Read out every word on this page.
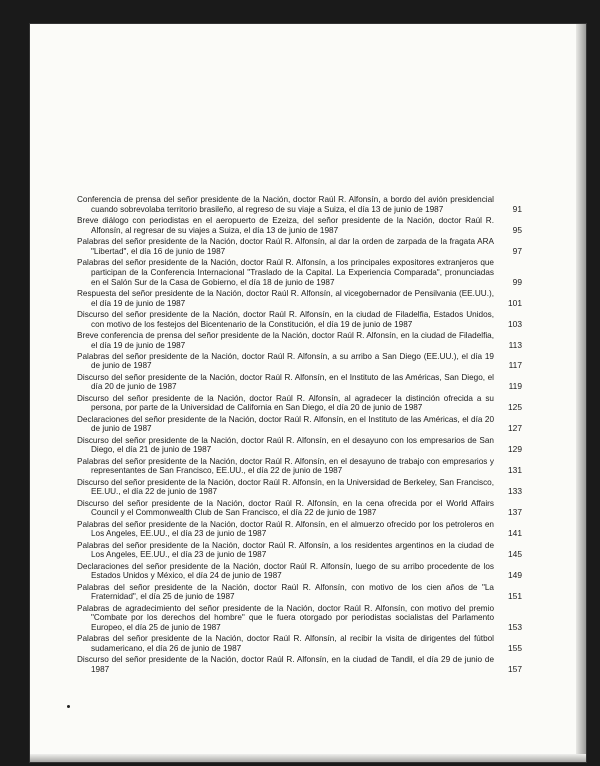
Conferencia de prensa del señor presidente de la Nación, doctor Raúl R. Alfonsín, a bordo del avión presidencial cuando sobrevolaba territorio brasileño, al regreso de su viaje a Suiza, el día 13 de junio de 1987	91
Breve diálogo con periodistas en el aeropuerto de Ezeiza, del señor presidente de la Nación, doctor Raúl R. Alfonsín, al regresar de su viajes a Suiza, el día 13 de junio de 1987	95
Palabras del señor presidente de la Nación, doctor Raúl R. Alfonsín, al dar la orden de zarpada de la fragata ARA "Libertad", el día 16 de junio de 1987	97
Palabras del señor presidente de la Nación, doctor Raúl R. Alfonsín, a los principales expositores extranjeros que participan de la Conferencia Internacional "Traslado de la Capital. La Experiencia Comparada", pronunciadas en el Salón Sur de la Casa de Gobierno, el día 18 de junio de 1987	99
Respuesta del señor presidente de la Nación, doctor Raúl R. Alfonsín, al vicegobernador de Pensilvania (EE.UU.), el día 19 de junio de 1987	101
Discurso del señor presidente de la Nación, doctor Raúl R. Alfonsín, en la ciudad de Filadelfia, Estados Unidos, con motivo de los festejos del Bicentenario de la Constitución, el día 19 de junio de 1987	103
Breve conferencia de prensa del señor presidente de la Nación, doctor Raúl R. Alfonsín, en la ciudad de Filadelfia, el día 19 de junio de 1987	113
Palabras del señor presidente de la Nación, doctor Raúl R. Alfonsín, a su arribo a San Diego (EE.UU.), el día 19 de junio de 1987	117
Discurso del señor presidente de la Nación, doctor Raúl R. Alfonsín, en el Instituto de las Américas, San Diego, el día 20 de junio de 1987	119
Discurso del señor presidente de la Nación, doctor Raúl R. Alfonsín, al agradecer la distinción ofrecida a su persona, por parte de la Universidad de California en San Diego, el día 20 de junio de 1987	125
Declaraciones del señor presidente de la Nación, doctor Raúl R. Alfonsín, en el Instituto de las Américas, el día 20 de junio de 1987	127
Discurso del señor presidente de la Nación, doctor Raúl R. Alfonsín, en el desayuno con los empresarios de San Diego, el día 21 de junio de 1987	129
Palabras del señor presidente de la Nación, doctor Raúl R. Alfonsín, en el desayuno de trabajo con empresarios y representantes de San Francisco, EE.UU., el día 22 de junio de 1987	131
Discurso del señor presidente de la Nación, doctor Raúl R. Alfonsín, en la Universidad de Berkeley, San Francisco, EE.UU., el día 22 de junio de 1987	133
Discurso del señor presidente de la Nación, doctor Raúl R. Alfonsín, en la cena ofrecida por el World Affairs Council y el Commonwealth Club de San Francisco, el día 22 de junio de 1987	137
Palabras del señor presidente de la Nación, doctor Raúl R. Alfonsín, en el almuerzo ofrecido por los petroleros en Los Angeles, EE.UU., el día 23 de junio de 1987	141
Palabras del señor presidente de la Nación, doctor Raúl R. Alfonsín, a los residentes argentinos en la ciudad de Los Angeles, EE.UU., el día 23 de junio de 1987	145
Declaraciones del señor presidente de la Nación, doctor Raúl R. Alfonsín, luego de su arribo procedente de los Estados Unidos y México, el día 24 de junio de 1987	149
Palabras del señor presidente de la Nación, doctor Raúl R. Alfonsín, con motivo de los cien años de "La Fraternidad", el día 25 de junio de 1987	151
Palabras de agradecimiento del señor presidente de la Nación, doctor Raúl R. Alfonsín, con motivo del premio "Combate por los derechos del hombre" que le fuera otorgado por periodistas socialistas del Parlamento Europeo, el día 25 de junio de 1987	153
Palabras del señor presidente de la Nación, doctor Raúl R. Alfonsín, al recibir la visita de dirigentes del fútbol sudamericano, el día 26 de junio de 1987	155
Discurso del señor presidente de la Nación, doctor Raúl R. Alfonsín, en la ciudad de Tandil, el día 29 de junio de 1987	157
